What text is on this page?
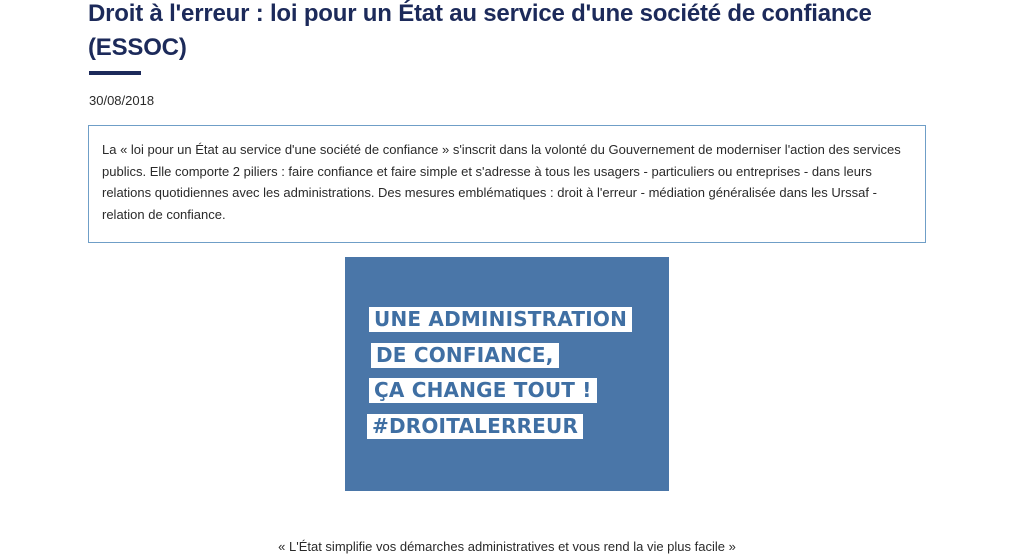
Droit à l'erreur : loi pour un État au service d'une société de confiance (ESSOC)
30/08/2018

La « loi pour un État au service d'une société de confiance » s'inscrit dans la volonté du Gouvernement de moderniser l'action des services publics. Elle comporte 2 piliers : faire confiance et faire simple et s'adresse à tous les usagers - particuliers ou entreprises - dans leurs relations quotidiennes avec les administrations. Des mesures emblématiques : droit à l'erreur - médiation généralisée dans les Urssaf - relation de confiance.

UNE ADMINISTRATION
DE CONFIANCE,
ÇA CHANGE TOUT !
#DROITALERREUR
« L'État simplifie vos démarches administratives et vous rend la vie plus facile »
